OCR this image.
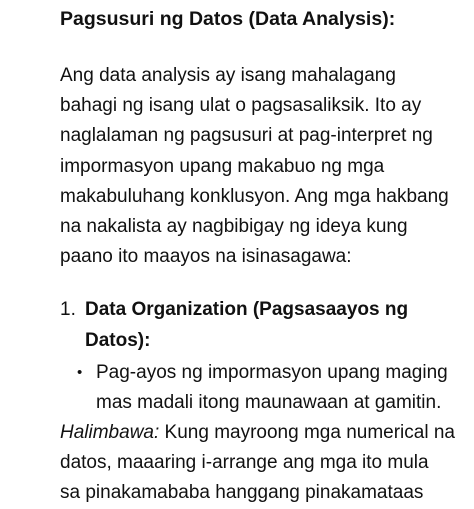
Pagsusuri ng Datos (Data Analysis):
Ang data analysis ay isang mahalagang
bahagi ng isang ulat o pagsasaliksik. Ito ay
naglalaman ng pagsusuri at pag-interpret ng
impormasyon upang makabuo ng mga
makabuluhang konklusyon. Ang mga hakbang
na nakalista ay nagbibigay ng ideya kung
paano ito maayos na isinasagawa:
1. Data Organization (Pagsasaayos ng
Datos):
• Pag-ayos ng impormasyon upang maging
mas madali itong maunawaan at gamitin.
Halimbawa: Kung mayroong mga numerical na
datos, maaaring i-arrange ang mga ito mula
sa pinakamababa hanggang pinakamataas
